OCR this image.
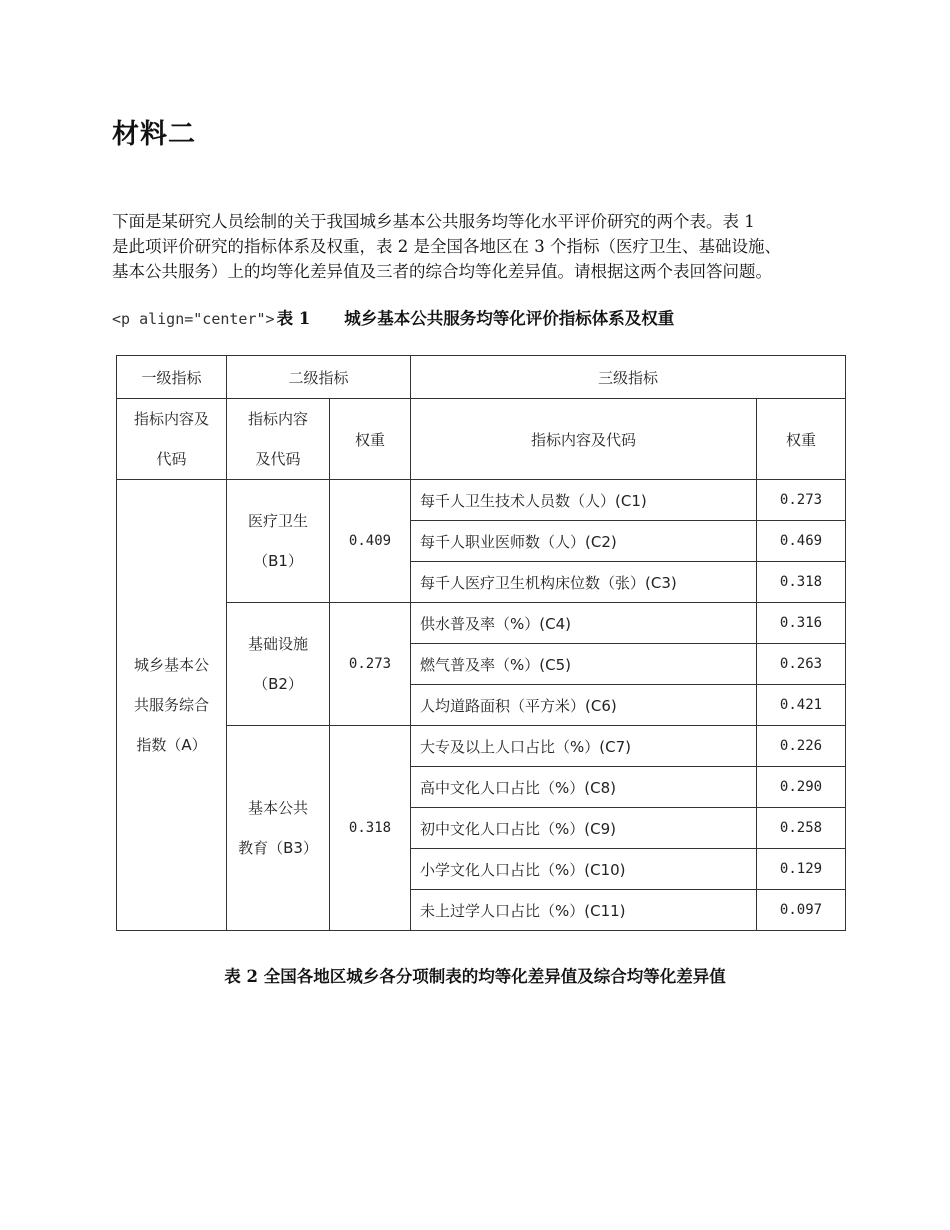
材料二

下面是某研究人员绘制的关于我国城乡基本公共服务均等化水平评价研究的两个表。表 1

是此项评价研究的指标体系及权重，表 2 是全国各地区在 3 个指标（医疗卫生、基础设施、

基本公共服务）上的均等化差异值及三者的综合均等化差异值。请根据这两个表回答问题。

<p align="center"> 表 1 城乡基本公共服务均等化评价指标体系及权重
一级指标	二级指标		三级指标	
指标内容及
代码	指标内容
及代码	权重	指标内容及代码	权重
城乡基本公
共服务综合
指数（A）	医疗卫生
（B1）	0.409	每千人卫生技术人员数（人）(C1)	0.273
			每千人职业医师数（人）(C2)	0.469
			每千人医疗卫生机构床位数（张）(C3)	0.318
	基础设施
（B2）	0.273	供水普及率（%）(C4)	0.316
			燃气普及率（%）(C5)	0.263
			人均道路面积（平方米）(C6)	0.421
	基本公共
教育（B3）	0.318	大专及以上人口占比（%）(C7)	0.226
			高中文化人口占比（%）(C8)	0.290
			初中文化人口占比（%）(C9)	0.258
			小学文化人口占比（%）(C10)	0.129
			未上过学人口占比（%）(C11)	0.097
表 2 全国各地区城乡各分项制表的均等化差异值及综合均等化差异值
